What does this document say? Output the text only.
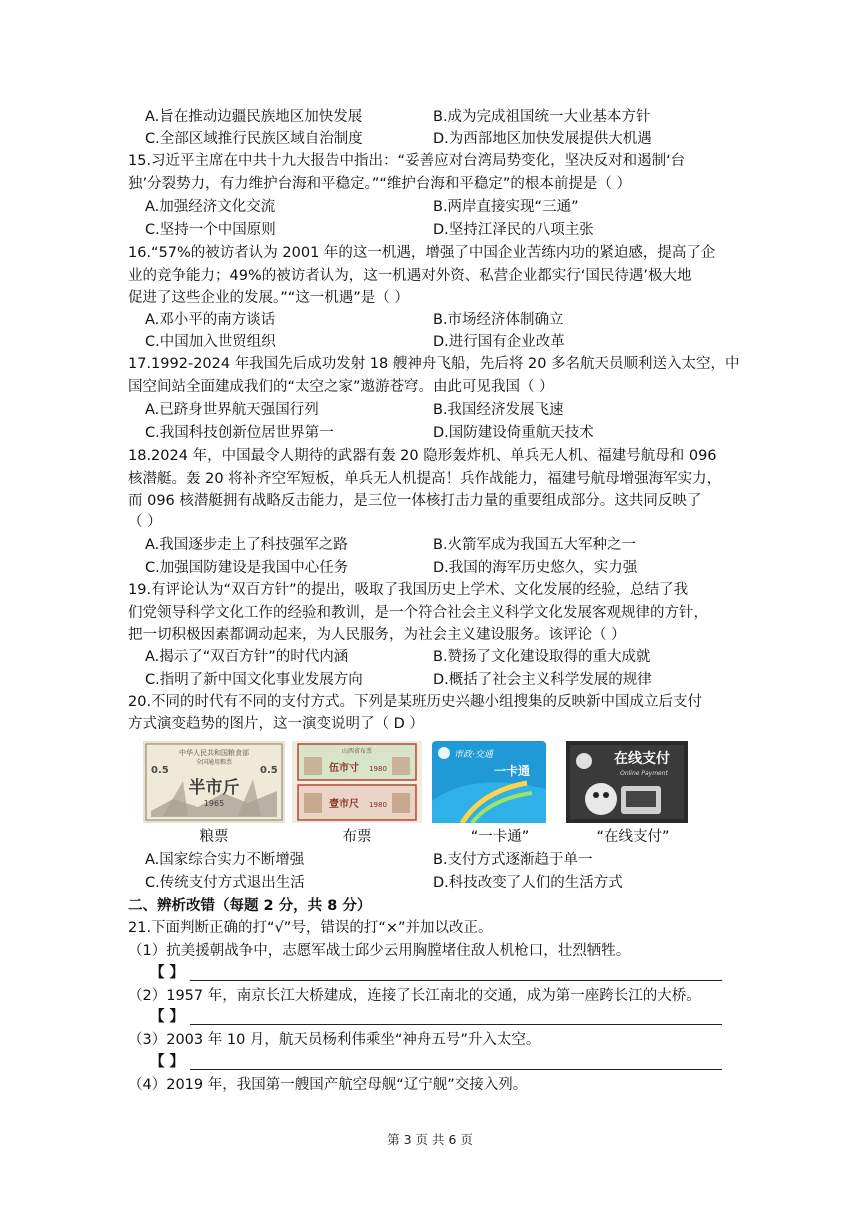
A.旨在推动边疆民族地区加快发展	B.成为完成祖国统一大业基本方针
C.全部区域推行民族区域自治制度	D.为西部地区加快发展提供大机遇
15.习近平主席在中共十九大报告中指出：“妥善应对台湾局势变化，坚决反对和遏制‘台
独’分裂势力，有力维护台海和平稳定。”“维护台海和平稳定”的根本前提是（ ）
A.加强经济文化交流	B.两岸直接实现“三通”
C.坚持一个中国原则	D.坚持江泽民的八项主张
16.“57%的被访者认为 2001 年的这一机遇，增强了中国企业苦练内功的紧迫感，提高了企
业的竞争能力；49%的被访者认为，这一机遇对外资、私营企业都实行‘国民待遇’极大地
促进了这些企业的发展。”“这一机遇”是（ ）
A.邓小平的南方谈话	B.市场经济体制确立
C.中国加入世贸组织	D.进行国有企业改革
17.1992-2024 年我国先后成功发射 18 艘神舟飞船，先后将 20 多名航天员顺利送入太空，中
国空间站全面建成我们的“太空之家”遨游苍穹。由此可见我国（ ）
A.已跻身世界航天强国行列	B.我国经济发展飞速
C.我国科技创新位居世界第一	D.国防建设倚重航天技术
18.2024 年，中国最令人期待的武器有轰 20 隐形轰炸机、单兵无人机、福建号航母和 096
核潜艇。轰 20 将补齐空军短板，单兵无人机提高！兵作战能力，福建号航母增强海军实力，
而 096 核潜艇拥有战略反击能力，是三位一体核打击力量的重要组成部分。这共同反映了
（ ）
A.我国逐步走上了科技强军之路	B.火箭军成为我国五大军种之一
C.加强国防建设是我国中心任务	D.我国的海军历史悠久，实力强
19.有评论认为“双百方针”的提出，吸取了我国历史上学术、文化发展的经验，总结了我
们党领导科学文化工作的经验和教训，是一个符合社会主义科学文化发展客观规律的方针，
把一切积极因素都调动起来，为人民服务，为社会主义建设服务。该评论（ ）
A.揭示了“双百方针”的时代内涵	B.赞扬了文化建设取得的重大成就
C.指明了新中国文化事业发展方向	D.概括了社会主义科学发展的规律
20.不同的时代有不同的支付方式。下列是某班历史兴趣小组搜集的反映新中国成立后支付
方式演变趋势的图片，这一演变说明了（ D ）
中华人民共和国粮食部
全国通用粮票
0.5	0.5
半市斤
1965
山西省布票
伍市寸 1980
壹市尺 1980
市政·交通
一卡通
在线支付
Online Payment
粮票	布票	“一卡通”	“在线支付”
A.国家综合实力不断增强	B.支付方式逐渐趋于单一
C.传统支付方式退出生活	D.科技改变了人们的生活方式
二、辨析改错（每题 2 分，共 8 分）
21.下面判断正确的打“√”号，错误的打“×”并加以改正。
（1）抗美援朝战争中，志愿军战士邱少云用胸膛堵住敌人机枪口，壮烈牺牲。
【 】
（2）1957 年，南京长江大桥建成，连接了长江南北的交通，成为第一座跨长江的大桥。
【 】
（3）2003 年 10 月，航天员杨利伟乘坐“神舟五号”升入太空。
【 】
（4）2019 年，我国第一艘国产航空母舰“辽宁舰”交接入列。
第 3 页 共 6 页
